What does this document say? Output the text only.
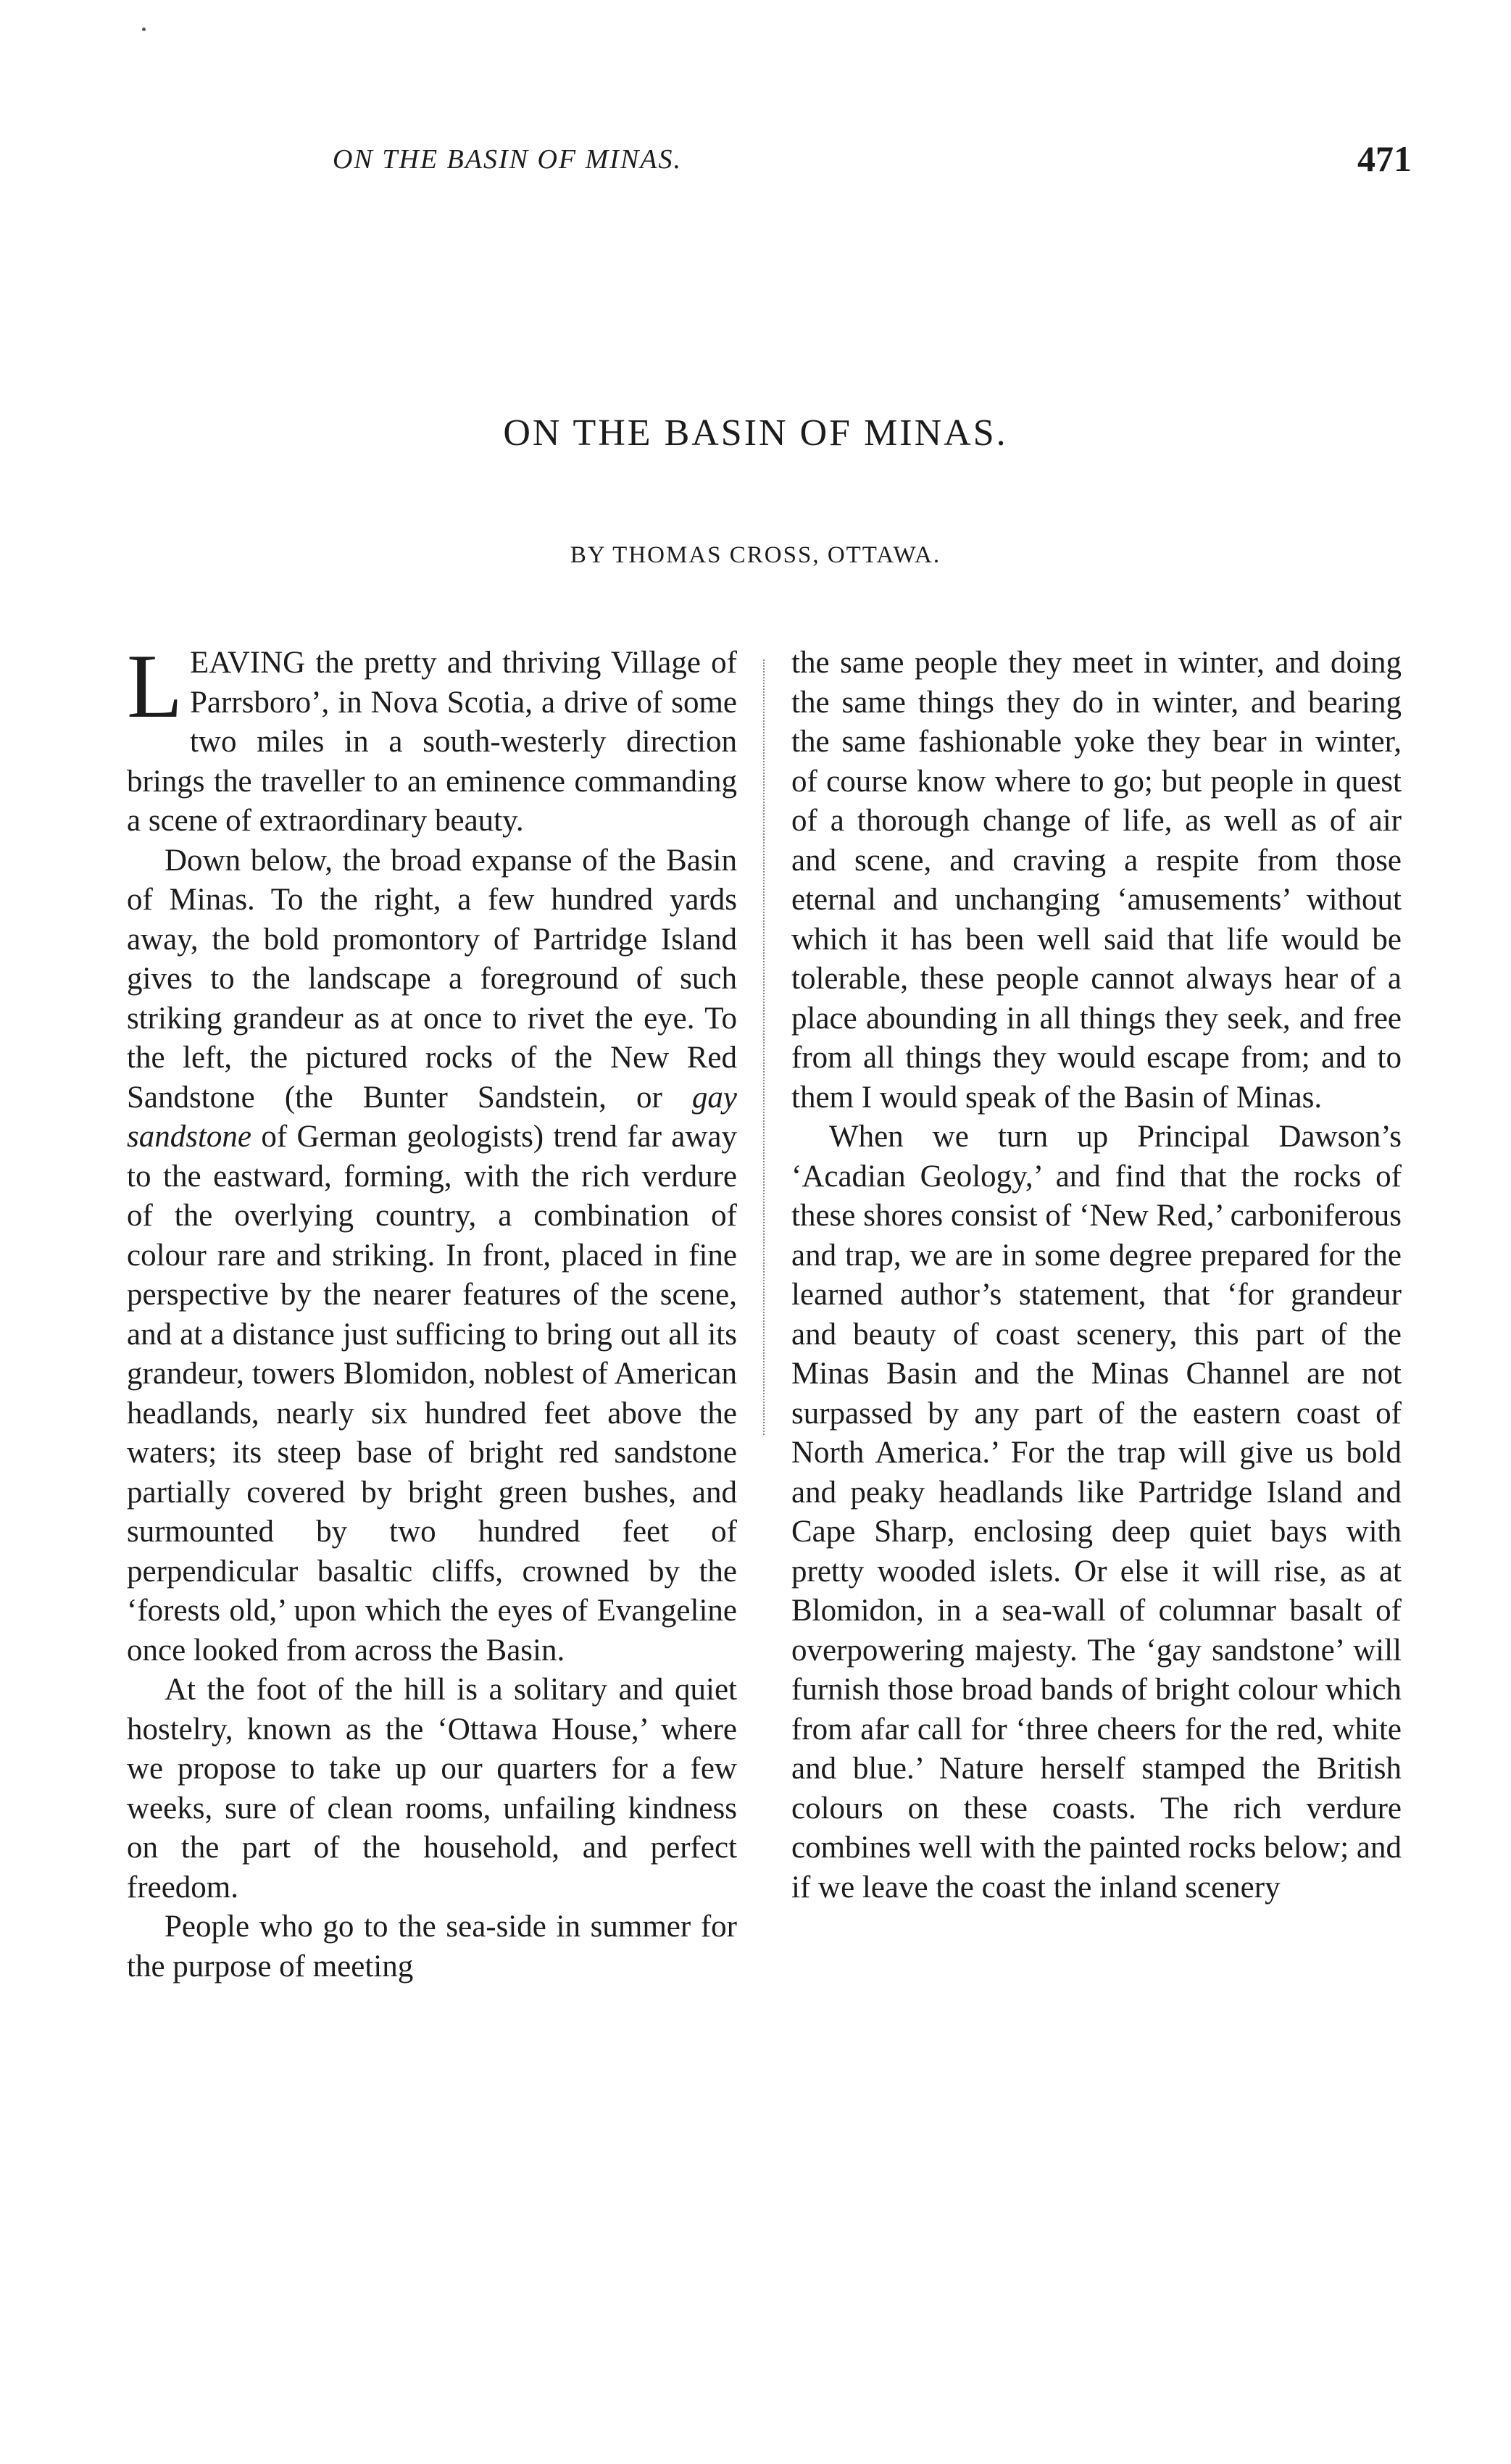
ON THE BASIN OF MINAS.	471
ON THE BASIN OF MINAS.
BY THOMAS CROSS, OTTAWA.

LEAVING the pretty and thriving Village of Parrsboro’, in Nova Scotia, a drive of some two miles in a south-westerly direction brings the traveller to an eminence commanding a scene of extraordinary beauty.

Down below, the broad expanse of the Basin of Minas. To the right, a few hundred yards away, the bold promontory of Partridge Island gives to the landscape a foreground of such striking grandeur as at once to rivet the eye. To the left, the pictured rocks of the New Red Sandstone (the Bunter Sandstein, or gay sandstone of German geologists) trend far away to the eastward, forming, with the rich verdure of the overlying country, a combination of colour rare and striking. In front, placed in fine perspective by the nearer features of the scene, and at a distance just sufficing to bring out all its grandeur, towers Blomidon, noblest of American headlands, nearly six hundred feet above the waters; its steep base of bright red sandstone partially covered by bright green bushes, and surmounted by two hundred feet of perpendicular basaltic cliffs, crowned by the ‘forests old,’ upon which the eyes of Evangeline once looked from across the Basin.

At the foot of the hill is a solitary and quiet hostelry, known as the ‘Ottawa House,’ where we propose to take up our quarters for a few weeks, sure of clean rooms, unfailing kindness on the part of the household, and perfect freedom.

People who go to the sea-side in summer for the purpose of meeting

the same people they meet in winter, and doing the same things they do in winter, and bearing the same fashionable yoke they bear in winter, of course know where to go; but people in quest of a thorough change of life, as well as of air and scene, and craving a respite from those eternal and unchanging ‘amusements’ without which it has been well said that life would be tolerable, these people cannot always hear of a place abounding in all things they seek, and free from all things they would escape from; and to them I would speak of the Basin of Minas.

When we turn up Principal Dawson’s ‘Acadian Geology,’ and find that the rocks of these shores consist of ‘New Red,’ carboniferous and trap, we are in some degree prepared for the learned author’s statement, that ‘for grandeur and beauty of coast scenery, this part of the Minas Basin and the Minas Channel are not surpassed by any part of the eastern coast of North America.’ For the trap will give us bold and peaky headlands like Partridge Island and Cape Sharp, enclosing deep quiet bays with pretty wooded islets. Or else it will rise, as at Blomidon, in a sea-wall of columnar basalt of overpowering majesty. The ‘gay sandstone’ will furnish those broad bands of bright colour which from afar call for ‘three cheers for the red, white and blue.’ Nature herself stamped the British colours on these coasts. The rich verdure combines well with the painted rocks below; and if we leave the coast the inland scenery
